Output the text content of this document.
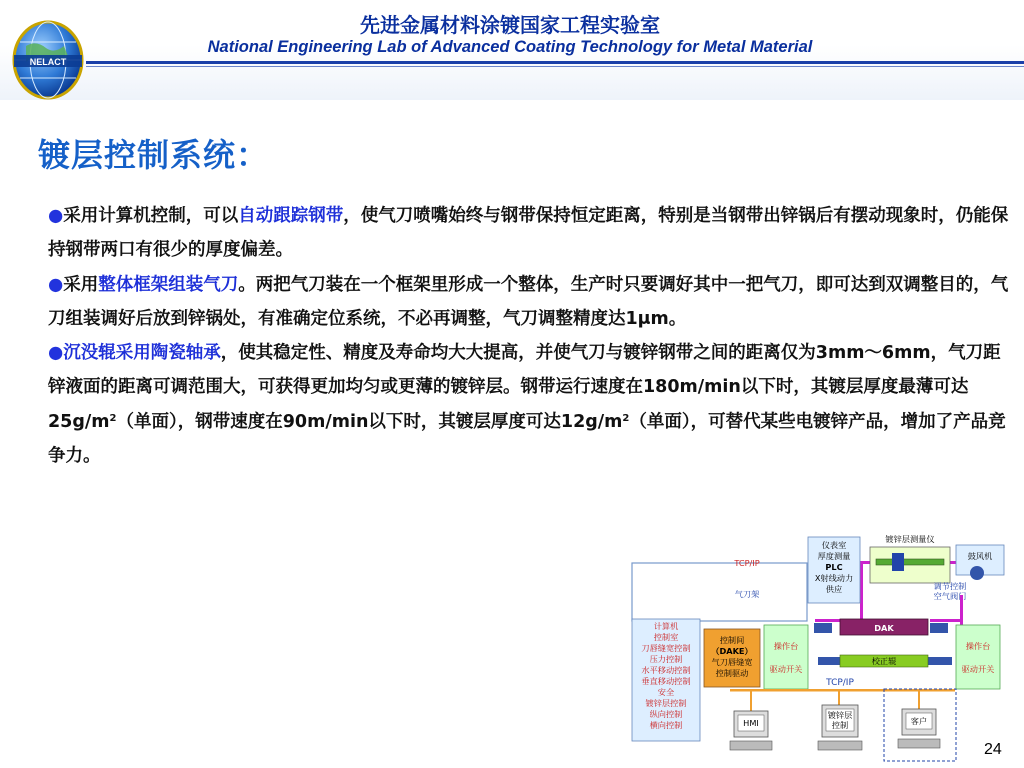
NELACT
先进金属材料涂镀国家工程实验室
National Engineering Lab of Advanced Coating Technology for Metal Material
镀层控制系统：
●采用计算机控制，可以自动跟踪钢带，使气刀喷嘴始终与钢带保持恒定距离，特别是当钢带出锌锅后有摆动现象时，仍能保持钢带两口有很少的厚度偏差。
●采用整体框架组装气刀。两把气刀装在一个框架里形成一个整体，生产时只要调好其中一把气刀，即可达到双调整目的，气刀组装调好后放到锌锅处，有准确定位系统，不必再调整，气刀调整精度达1μm。
●沉没辊采用陶瓷轴承，使其稳定性、精度及寿命均大大提高，并使气刀与镀锌钢带之间的距离仅为3mm～6mm，气刀距锌液面的距离可调范围大，可获得更加均匀或更薄的镀锌层。钢带运行速度在180m/min以下时，其镀层厚度最薄可达$25g/m^2$（单面），钢带速度在90m/min以下时，其镀层厚度可达$12g/m^2$（单面），可替代某些电镀锌产品，增加了产品竞争力。
仪表室
厚度测量
PLC
X射线动力
供应
镀锌层测量仪
鼓风机
调节控制
空气阀门
TCP/IP
气刀架
计算机
控制室
刀唇缝宽控制
压力控制
水平移动控制
垂直移动控制
安全
镀锌层控制
纵向控制
横向控制
控制间
（DAKE）
气刀唇缝宽
控制驱动
操作台
驱动开关
操作台
驱动开关
DAK
校正辊
TCP/IP
HMI
镀锌层
控制	客户
24
